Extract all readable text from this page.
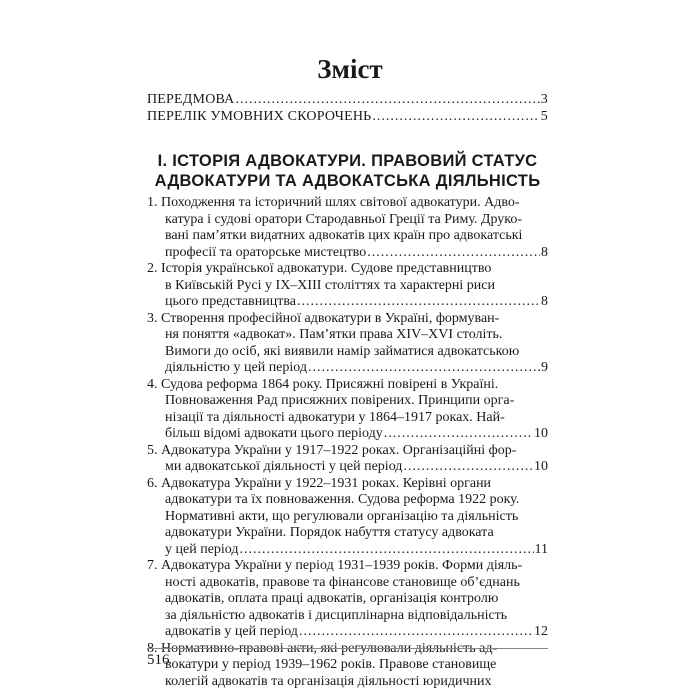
Зміст
ПЕРЕДМОВА .....	3
ПЕРЕЛІК УМОВНИХ СКОРОЧЕНЬ .....	5
І. ІСТОРІЯ АДВОКАТУРИ. ПРАВОВИЙ СТАТУС
АДВОКАТУРИ ТА АДВОКАТСЬКА ДІЯЛЬНІСТЬ
1. Походження та історичний шлях світової адвокатури. Адво-
катура і судові оратори Стародавньої Греції та Риму. Друко-
вані пам’ятки видатних адвокатів цих країн про адвокатські
професії та ораторське мистецтво .....	8
2. Історія української адвокатури. Судове представництво
в Київській Русі у IX–XIII століттях та характерні риси
цього представництва .....	8
3. Створення професійної адвокатури в Україні, формуван-
ня поняття «адвокат». Пам’ятки права XIV–XVI століть.
Вимоги до осіб, які виявили намір займатися адвокатською
діяльністю у цей період .....	9
4. Судова реформа 1864 року. Присяжні повірені в Україні.
Повноваження Рад присяжних повірених. Принципи орга-
нізації та діяльності адвокатури у 1864–1917 роках. Най-
більш відомі адвокати цього періоду .....	10
5. Адвокатура України у 1917–1922 роках. Організаційні фор-
ми адвокатської діяльності у цей період .....	10
6. Адвокатура України у 1922–1931 роках. Керівні органи
адвокатури та їх повноваження. Судова реформа 1922 року.
Нормативні акти, що регулювали організацію та діяльність
адвокатури України. Порядок набуття статусу адвоката
у цей період .....	11
7. Адвокатура України у період 1931–1939 років. Форми діяль-
ності адвокатів, правове та фінансове становище об’єднань
адвокатів, оплата праці адвокатів, організація контролю
за діяльністю адвокатів і дисциплінарна відповідальність
адвокатів у цей період .....	12
8. Нормативно-правові акти, які регулювали діяльність ад-
вокатури у період 1939–1962 років. Правове становище
колегій адвокатів та організація діяльності юридичних
516
